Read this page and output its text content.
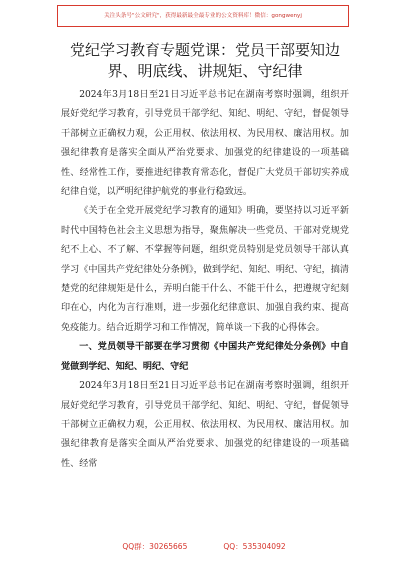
关注头条号"公文研究"，获得最新最全最专业的公文资料库！微信：gongwenyj
党纪学习教育专题党课：党员干部要知边
界、明底线、讲规矩、守纪律

2024年3月18日至21日习近平总书记在湖南考察时强调，组织开展好党纪学习教育，引导党员干部学纪、知纪、明纪、守纪，督促领导干部树立正确权力观，公正用权、依法用权、为民用权、廉洁用权。加强纪律教育是落实全面从严治党要求、加强党的纪律建设的一项基础性、经常性工作，要推进纪律教育常态化，督促广大党员干部切实养成纪律自觉，以严明纪律护航党的事业行稳致远。

《关于在全党开展党纪学习教育的通知》明确，要坚持以习近平新时代中国特色社会主义思想为指导，聚焦解决一些党员、干部对党规党纪不上心、不了解、不掌握等问题，组织党员特别是党员领导干部认真学习《中国共产党纪律处分条例》，做到学纪、知纪、明纪、守纪，搞清楚党的纪律规矩是什么，弄明白能干什么、不能干什么，把遵规守纪刻印在心，内化为言行准则，进一步强化纪律意识、加强自我约束、提高免疫能力。结合近期学习和工作情况，简单谈一下我的心得体会。

一、党员领导干部要在学习贯彻《中国共产党纪律处分条例》中自觉做到学纪、知纪、明纪、守纪

2024年3月18日至21日习近平总书记在湖南考察时强调，组织开展好党纪学习教育，引导党员干部学纪、知纪、明纪、守纪，督促领导干部树立正确权力观，公正用权、依法用权、为民用权、廉洁用权。加强纪律教育是落实全面从严治党要求、加强党的纪律建设的一项基础性、经常

QQ群：30265665	QQ：535304092
